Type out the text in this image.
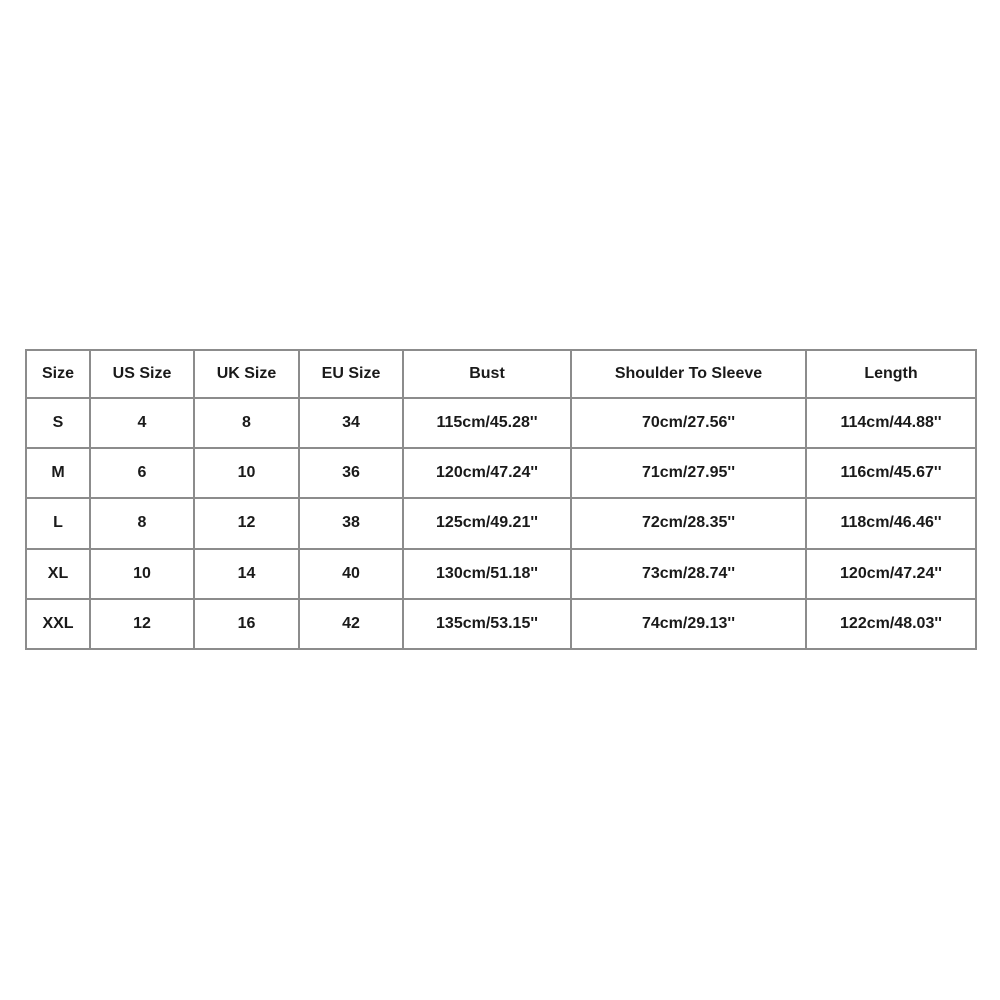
Size	US Size	UK Size	EU Size	Bust	Shoulder To Sleeve	Length
S	4	8	34	115cm/45.28''	70cm/27.56''	114cm/44.88''
M	6	10	36	120cm/47.24''	71cm/27.95''	116cm/45.67''
L	8	12	38	125cm/49.21''	72cm/28.35''	118cm/46.46''
XL	10	14	40	130cm/51.18''	73cm/28.74''	120cm/47.24''
XXL	12	16	42	135cm/53.15''	74cm/29.13''	122cm/48.03''
